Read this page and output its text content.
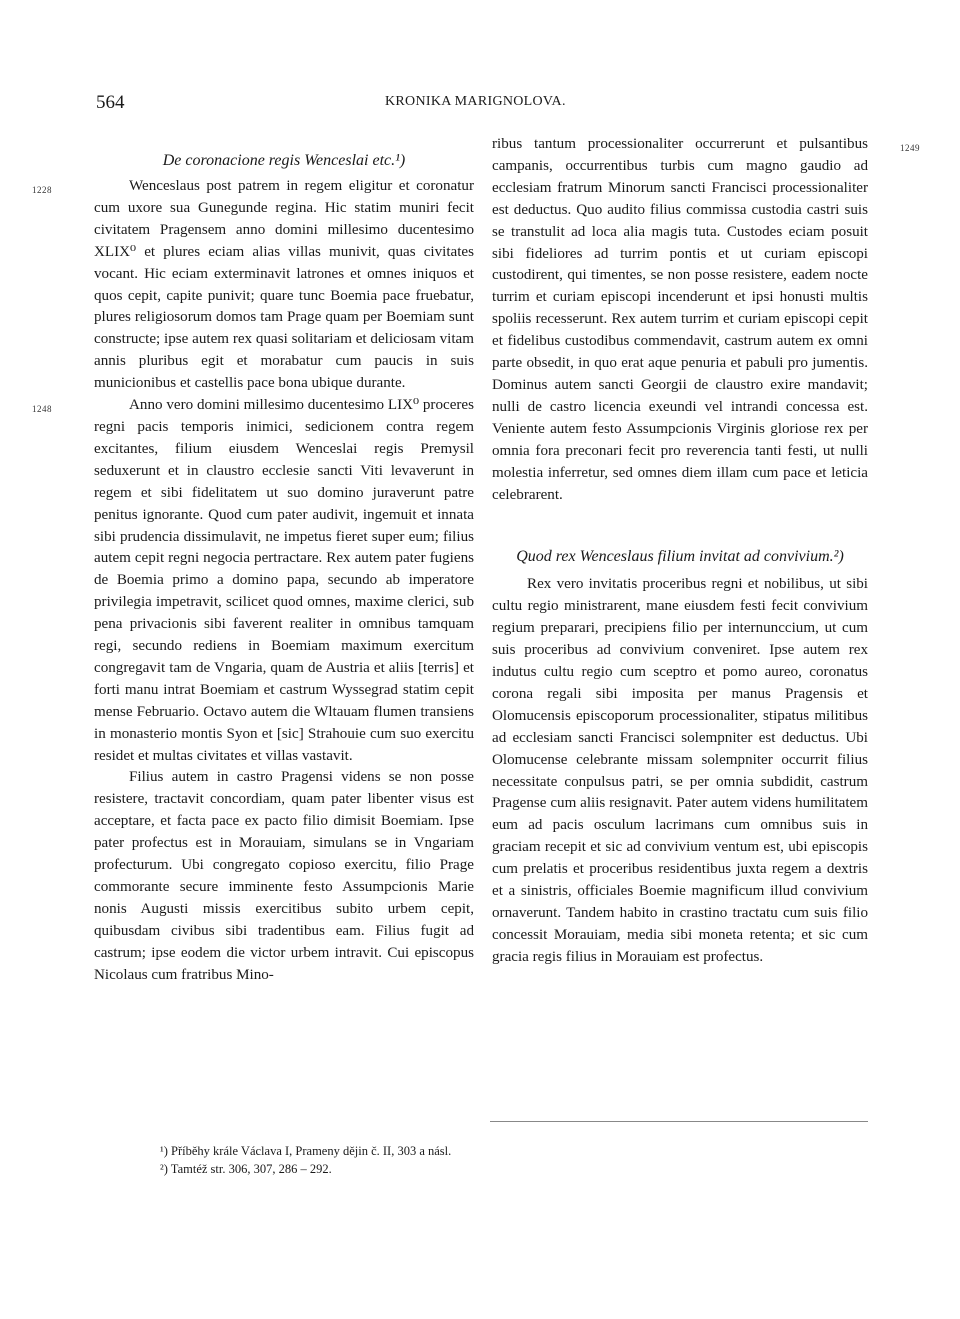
564	KRONIKA MARIGNOLOVA.
De coronacione regis Wenceslai etc.¹)
1228	Wenceslaus post patrem in regem eligitur et coronatur cum uxore sua Gunegunde regina. Hic statim muniri fecit civitatem Pragensem anno domini millesimo ducentesimo XLIX⁰ et plures eciam alias villas munivit, quas civitates vocant. Hic eciam exterminavit latrones et omnes iniquos et quos cepit, capite punivit; quare tunc Boemia pace fruebatur, plures religiosorum domos tam Prage quam per Boemiam sunt constructe; ipse autem rex quasi solitariam et deliciosam vitam annis pluribus egit et morabatur cum paucis in suis municionibus et castellis pace bona ubique durante.

1248	Anno vero domini millesimo ducentesimo LIX⁰ proceres regni pacis temporis inimici, sedicionem contra regem excitantes, filium eiusdem Wenceslai regis Premysil seduxerunt et in claustro ecclesie sancti Viti levaverunt in regem et sibi fidelitatem ut suo domino juraverunt patre penitus ignorante. Quod cum pater audivit, ingemuit et innata sibi prudencia dissimulavit, ne impetus fieret super eum; filius autem cepit regni negocia pertractare. Rex autem pater fugiens de Boemia primo a domino papa, secundo ab imperatore privilegia impetravit, scilicet quod omnes, maxime clerici, sub pena privacionis sibi faverent realiter in omnibus tamquam regi, secundo rediens in Boemiam maximum exercitum congregavit tam de Vngaria, quam de Austria et aliis [terris] et forti manu intrat Boemiam et castrum Wyssegrad statim cepit mense Februario. Octavo autem die Wltauam flumen transiens in monasterio montis Syon et [sic] Strahouie cum suo exercitu residet et multas civitates et villas vastavit.

Filius autem in castro Pragensi videns se non posse resistere, tractavit concordiam, quam pater libenter visus est acceptare, et facta pace ex pacto filio dimisit Boemiam. Ipse pater profectus est in Morauiam, simulans se in Vngariam profecturum. Ubi congregato copioso exercitu, filio Prage commorante secure imminente festo Assumpcionis Marie nonis Augusti missis exercitibus subito urbem cepit, quibusdam civibus sibi tradentibus eam. Filius fugit ad castrum; ipse eodem die victor urbem intravit. Cui episcopus Nicolaus cum fratribus Mino-

1249

ribus tantum processionaliter occurrerunt et pulsantibus campanis, occurrentibus turbis cum magno gaudio ad ecclesiam fratrum Minorum sancti Francisci processionaliter est deductus. Quo audito filius commissa custodia castri suis se transtulit ad loca alia magis tuta. Custodes eciam posuit sibi fideliores ad turrim pontis et ut curiam episcopi custodirent, qui timentes, se non posse resistere, eadem nocte turrim et curiam episcopi incenderunt et ipsi honusti multis spoliis recesserunt. Rex autem turrim et curiam episcopi cepit et fidelibus custodibus commendavit, castrum autem ex omni parte obsedit, in quo erat aque penuria et pabuli pro jumentis. Dominus autem sancti Georgii de claustro exire mandavit; nulli de castro licencia exeundi vel intrandi concessa est. Veniente autem festo Assumpcionis Virginis gloriose rex per omnia fora preconari fecit pro reverencia tanti festi, ut nulli molestia inferretur, sed omnes diem illam cum pace et leticia celebrarent.

Quod rex Wenceslaus filium invitat ad convivium.²)

Rex vero invitatis proceribus regni et nobilibus, ut sibi cultu regio ministrarent, mane eiusdem festi fecit convivium regium preparari, precipiens filio per internunccium, ut cum suis proceribus ad convivium conveniret. Ipse autem rex indutus cultu regio cum sceptro et pomo aureo, coronatus corona regali sibi imposita per manus Pragensis et Olomucensis episcoporum processionaliter, stipatus militibus ad ecclesiam sancti Francisci solempniter est deductus. Ubi Olomucense celebrante missam solempniter occurrit filius necessitate conpulsus patri, se per omnia subdidit, castrum Pragense cum aliis resignavit. Pater autem videns humilitatem eum ad pacis osculum lacrimans cum omnibus suis in graciam recepit et sic ad convivium ventum est, ubi episcopis cum prelatis et proceribus residentibus juxta regem a dextris et a sinistris, officiales Boemie magnificum illud convivium ornaverunt. Tandem habito in crastino tractatu cum suis filio concessit Morauiam, media sibi moneta retenta; et sic cum gracia regis filius in Morauiam est profectus.

¹) Příběhy krále Václava I, Prameny dějin č. II, 303 a násl.
²) Tamtéž str. 306, 307, 286 – 292.
